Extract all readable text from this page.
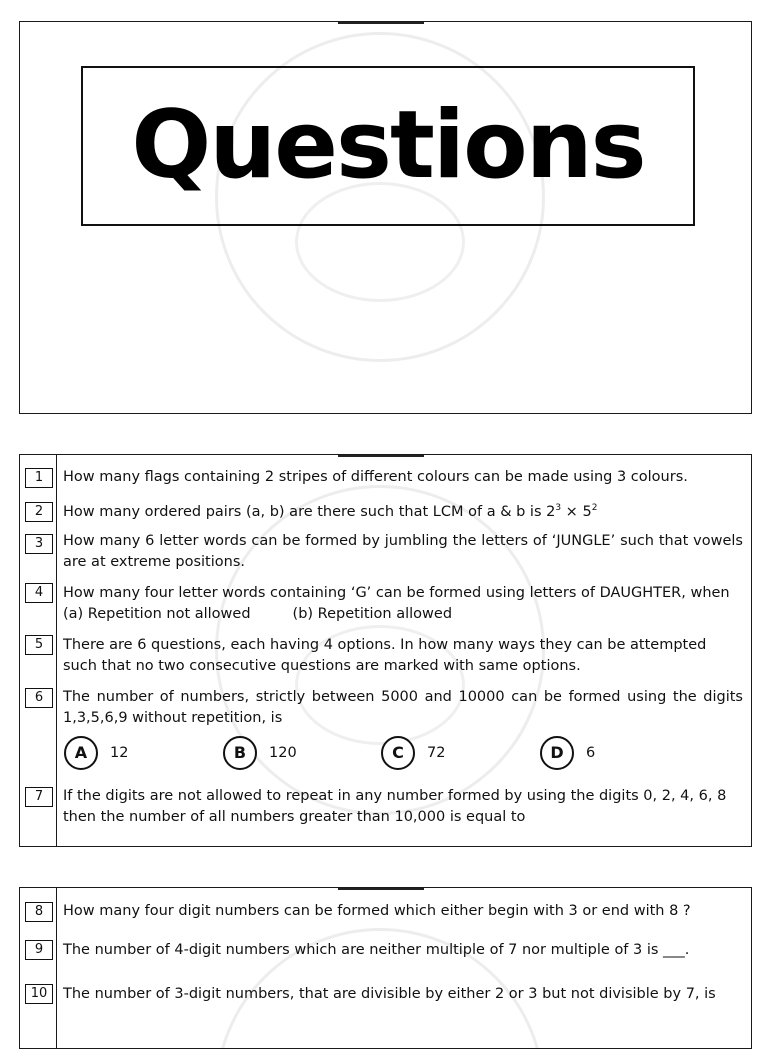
Questions
1	How many flags containing 2 stripes of different colours can be made using 3 colours.
2	How many ordered pairs (a, b) are there such that LCM of a & b is $2^3 \times 5^2$
3	How many 6 letter words can be formed by jumbling the letters of ‘JUNGLE’ such that vowels are at extreme positions.
4	How many four letter words containing ‘G’ can be formed using letters of DAUGHTER, when
(a) Repetition not allowed	(b) Repetition allowed
5	There are 6 questions, each having 4 options. In how many ways they can be attempted such that no two consecutive questions are marked with same options.
6	The number of numbers, strictly between 5000 and 10000 can be formed using the digits 1,3,5,6,9 without repetition, is
A	12	B	120	C	72	D	6
7	If the digits are not allowed to repeat in any number formed by using the digits 0, 2, 4, 6, 8 then the number of all numbers greater than 10,000 is equal to
8	How many four digit numbers can be formed which either begin with 3 or end with 8 ?
9	The number of 4-digit numbers which are neither multiple of 7 nor multiple of 3 is ___.
10	The number of 3-digit numbers, that are divisible by either 2 or 3 but not divisible by 7, is
